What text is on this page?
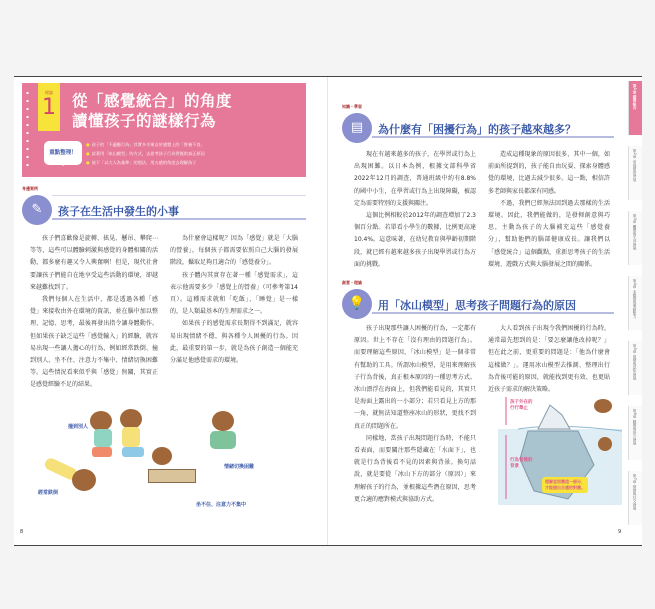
理論
1 從「感覺統合」的角度
讀懂孩子的謎樣行為
重點整理！
● 孩子的「不適應行為」其實多半來自於感覺上的「營養不良」
● 試著用「冰山模型」的方式，去思考孩子行為背後的真正原因
● 放下「以大人為基準」的想法，用五感的角度去理解孩子
身邊案例
✎	孩子在生活中發生的小事

孩子們喜歡像是旋轉、搖晃、懸吊、攀爬⋯等等，這些可以體驗刺激與感覺的身體相關的活動，都多麼有趣又令人興奮啊！但是，現代社會要讓孩子們能自在地享受這些活動的環境，卻越來越難找到了。

我們每個人在生活中，都是透過各種「感覺」來接收由外在環境的資訊，並在腦中加以整理、記憶、思考，最後再發出指令讓身體動作。但如果孩子缺乏這些「感覺輸入」的經驗，就容易出現一些讓人擔心的行為，例如經常跌倒、撞到別人、坐不住、注意力不集中、情緒切換困難等。這些情況看來似乎與「感覺」無關，其實正是感覺經驗不足的結果。

為什麼會這樣呢？因為「感覺」就是「大腦的營養」，每個孩子都需要依照自己大腦的發展階段，攝取足夠且適合的「感覺養分」。

孩子體內其實存在著一種「感覺需求」，這表示他需要多少「感覺上的營養」（可參考第14頁）。這種需求就和「吃飯」、「睡覺」是一樣的，是人類最基本的生理需求之一。

如果孩子的感覺需求長期得不到滿足，就容易出現情緒不穩，與各種令人困擾的行為。因此，最重要的第一步，就是為孩子創造一個能充分滿足他感覺需求的環境。

撞到別人
經常跌倒
情緒切換困難
坐不住、注意力不集中
8
知識・學習
▤	為什麼有「困擾行為」的孩子越來越多？

現在有越來越多的孩子，在學習或行為上出現困難。以日本為例，根據文部科學省2022年12月的調查，普通班級中約有8.8%的國中小生，在學習或行為上出現障礙，被認定為需要特別的支援與關注。

這個比例相較於2012年的調查增加了2.3個百分點。若單看小學生的數據，比例更高達10.4%。這意味著，在幼兒教育與學齡初期階段，就已經有越來越多孩子出現學習或行為方面的挑戰。

造成這種現象的原因很多，其中一個，如前面所提到的，孩子能自由玩耍、探索身體感覺的環境，比過去減少很多。這一點，相信許多老師與家長都深有同感。

不過，我們已經無法回到過去那樣的生活環境。因此，我們能做的，是發揮創意與巧思，主動為孩子的大腦補充這些「感覺養分」，幫助他們的腦部健康成長。讓我們以「感覺統合」這個觀點，重新思考孩子的生活環境、遊戲方式與大腦發展之間的關係。

創意・理論
💡	用「冰山模型」思考孩子問題行為的原因

孩子出現那些讓人困擾的行為，一定都有原因。世上不存在「沒有理由的問題行為」。而要理解這些原因，「冰山模型」是一個非常有幫助的工具。所謂冰山模型，是用來理解孩子行為背後，真正根本原因的一種思考方式。冰山漂浮在海面上，但我們能看見的，其實只是海面上露出的一小部分；若只看見上方的那一角，就無法知道整座冰山的形狀，更找不到真正的問題所在。

同樣地，當孩子出現問題行為時，不能只看表面，而要關注那些隱藏在「水面下」，也就是行為背後看不見的因素與背景。換句話說，就是要從「冰山下方的部分（原因）」來理解孩子的行為，並根據這些潛在原因，思考更合適的應對模式與協助方式。

大人看到孩子出現令我們困擾的行為時，通常最先想到的是：「要怎麼讓他改掉呢？」但在此之前，更重要的問題是：「他為什麼會這樣做？」。運用冰山模型去推測、整理出行為背後可能的原因，就能找到更有效、也更貼近孩子需求的解決策略。

孩子外在的
行行舉止
行為背後的
背景
理解並回應這一部分，
才能提出合適的對應。
9
第1章 感覺統合
第2章 前庭覺的發展
第3章 觸覺與手部發展
第4章 本體覺與運動能力
第5章 視覺與認知發展
第6章 聽覺與語言發展
第7章 情緒與社交發展
